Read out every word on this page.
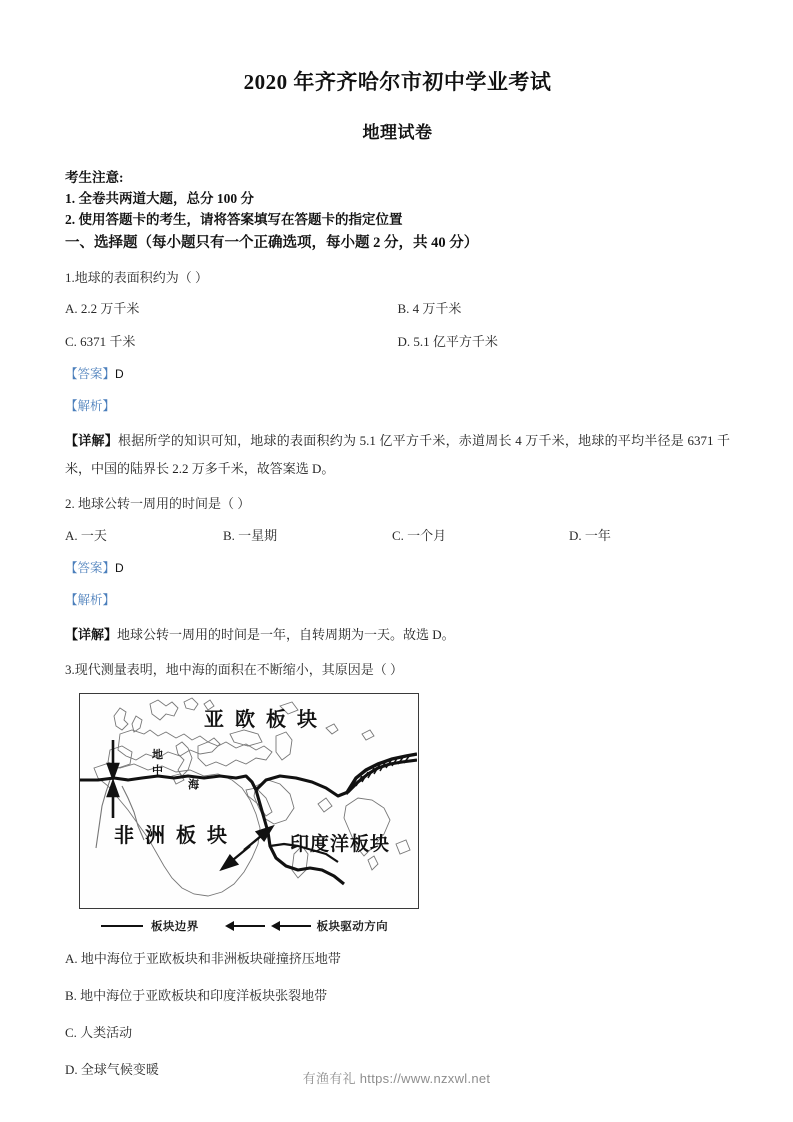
2020 年齐齐哈尔市初中学业考试
地理试卷
考生注意:
1. 全卷共两道大题，总分 100 分
2. 使用答题卡的考生，请将答案填写在答题卡的指定位置
一、选择题（每小题只有一个正确选项，每小题 2 分，共 40 分）
1.地球的表面积约为（ ）
A. 2.2 万千米	B. 4 万千米
C. 6371 千米	D. 5.1 亿平方千米
【答案】D
【解析】
【详解】根据所学的知识可知，地球的表面积约为 5.1 亿平方千米，赤道周长 4 万千米，地球的平均半径是 6371 千米，中国的陆界长 2.2 万多千米，故答案选 D。
2. 地球公转一周用的时间是（ ）
A. 一天	B. 一星期	C. 一个月	D. 一年
【答案】D
【解析】
【详解】地球公转一周用的时间是一年，自转周期为一天。故选 D。
3.现代测量表明，地中海的面积在不断缩小，其原因是（ ）
亚 欧 板 块
非 洲 板 块	印度洋板块
地
中
海
板块边界	板块驱动方向
A. 地中海位于亚欧板块和非洲板块碰撞挤压地带
B. 地中海位于亚欧板块和印度洋板块张裂地带
C. 人类活动
D. 全球气候变暖
有渔有礼 https://www.nzxwl.net
